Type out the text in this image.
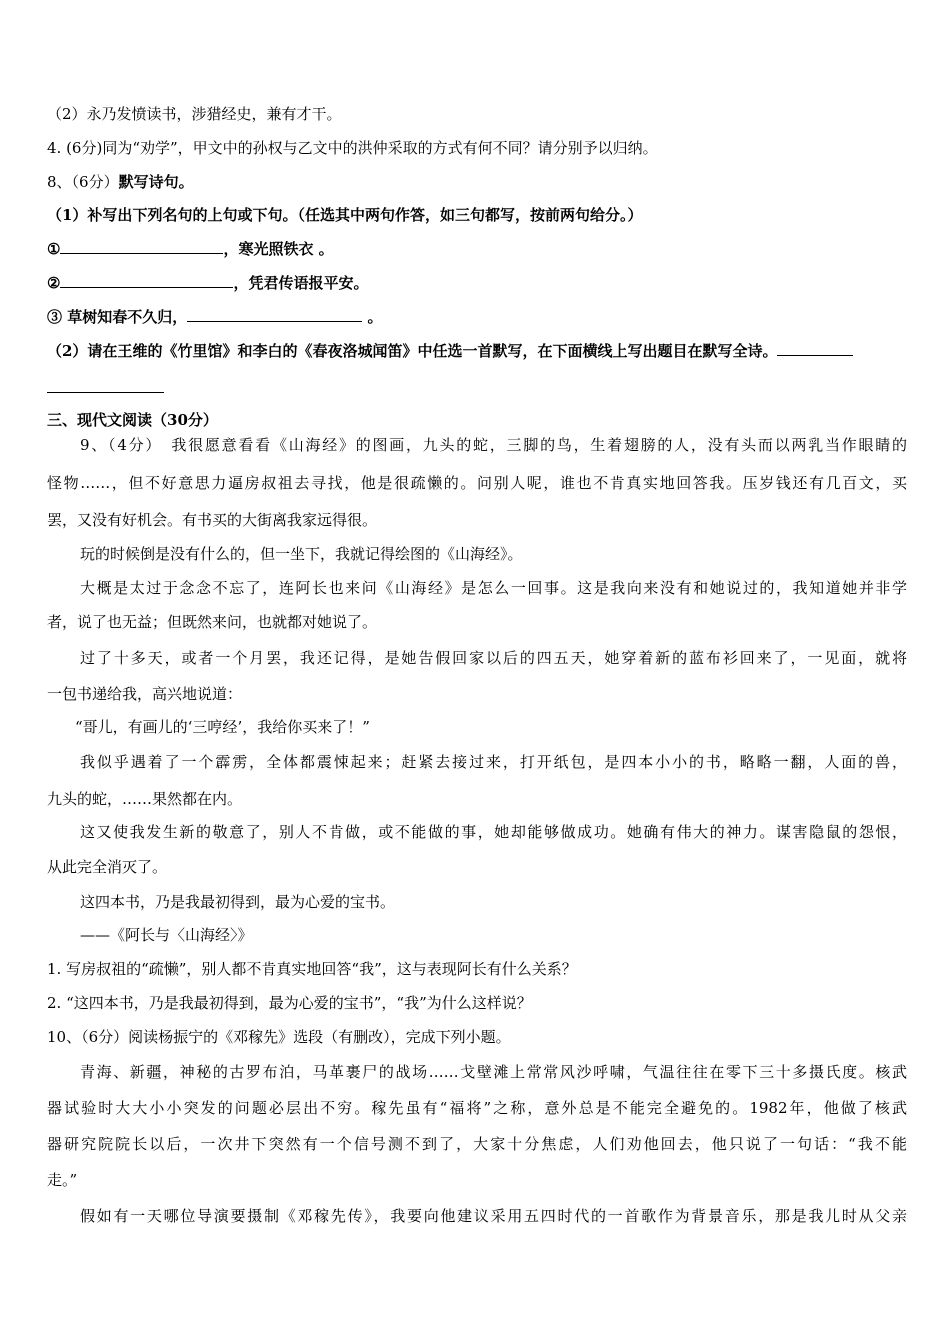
（2）永乃发愤读书，涉猎经史，兼有才干。
4. (6分)同为“劝学”，甲文中的孙权与乙文中的洪仲采取的方式有何不同？请分别予以归纳。
8、（6分）默写诗句。
（1）补写出下列名句的上句或下句。（任选其中两句作答，如三句都写，按前两句给分。）
①	，寒光照铁衣 。
②	，凭君传语报平安。
③ 草树知春不久归，	。
（2）请在王维的《竹里馆》和李白的《春夜洛城闻笛》中任选一首默写，在下面横线上写出题目在默写全诗。
三、现代文阅读（30分）
9、（4分）　我很愿意看看《山海经》的图画，九头的蛇，三脚的鸟，生着翅膀的人，没有头而以两乳当作眼睛的
怪物……，但不好意思力逼房叔祖去寻找，他是很疏懒的。问别人呢，谁也不肯真实地回答我。压岁钱还有几百文，买
罢，又没有好机会。有书买的大街离我家远得很。
玩的时候倒是没有什么的，但一坐下，我就记得绘图的《山海经》。
大概是太过于念念不忘了，连阿长也来问《山海经》是怎么一回事。这是我向来没有和她说过的，我知道她并非学
者，说了也无益；但既然来问，也就都对她说了。
过了十多天，或者一个月罢，我还记得，是她告假回家以后的四五天，她穿着新的蓝布衫回来了，一见面，就将
一包书递给我，高兴地说道：
“哥儿，有画儿的‘三哼经’，我给你买来了！”
我似乎遇着了一个霹雳，全体都震悚起来；赶紧去接过来，打开纸包，是四本小小的书，略略一翻，人面的兽，
九头的蛇，……果然都在内。
这又使我发生新的敬意了，别人不肯做，或不能做的事，她却能够做成功。她确有伟大的神力。谋害隐鼠的怨恨，
从此完全消灭了。
这四本书，乃是我最初得到，最为心爱的宝书。
——《阿长与〈山海经〉》
1. 写房叔祖的“疏懒”，别人都不肯真实地回答“我”，这与表现阿长有什么关系？
2. “这四本书，乃是我最初得到，最为心爱的宝书”，“我”为什么这样说？
10、（6分）阅读杨振宁的《邓稼先》选段（有删改），完成下列小题。
青海、新疆，神秘的古罗布泊，马革裹尸的战场……戈壁滩上常常风沙呼啸，气温往往在零下三十多摄氏度。核武
器试验时大大小小突发的问题必层出不穷。稼先虽有“福将”之称，意外总是不能完全避免的。1982年，他做了核武
器研究院院长以后，一次井下突然有一个信号测不到了，大家十分焦虑，人们劝他回去，他只说了一句话：“我不能
走。”
假如有一天哪位导演要摄制《邓稼先传》，我要向他建议采用五四时代的一首歌作为背景音乐，那是我儿时从父亲
